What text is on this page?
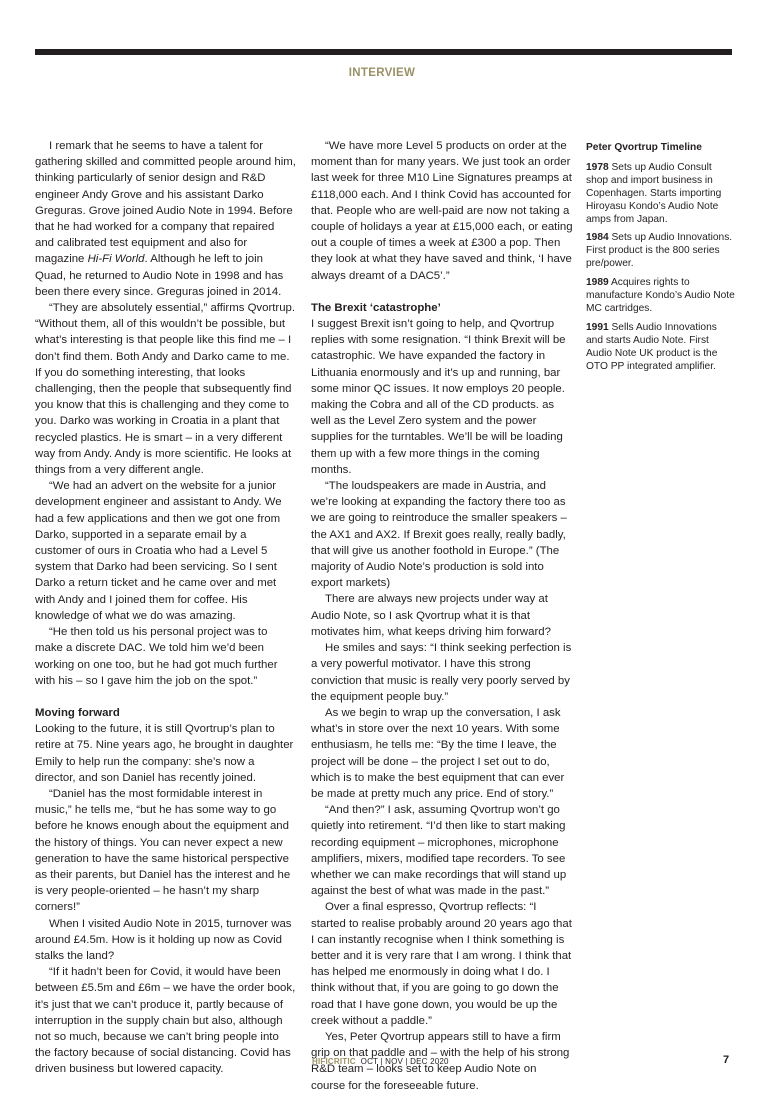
INTERVIEW

I remark that he seems to have a talent for gathering skilled and committed people around him, thinking particularly of senior design and R&D engineer Andy Grove and his assistant Darko Greguras. Grove joined Audio Note in 1994. Before that he had worked for a company that repaired and calibrated test equipment and also for magazine Hi-Fi World. Although he left to join Quad, he returned to Audio Note in 1998 and has been there every since. Greguras joined in 2014.

“They are absolutely essential,” affirms Qvortrup. “Without them, all of this wouldn’t be possible, but what’s interesting is that people like this find me – I don’t find them. Both Andy and Darko came to me. If you do something interesting, that looks challenging, then the people that subsequently find you know that this is challenging and they come to you. Darko was working in Croatia in a plant that recycled plastics. He is smart – in a very different way from Andy. Andy is more scientific. He looks at things from a very different angle.

“We had an advert on the website for a junior development engineer and assistant to Andy. We had a few applications and then we got one from Darko, supported in a separate email by a customer of ours in Croatia who had a Level 5 system that Darko had been servicing. So I sent Darko a return ticket and he came over and met with Andy and I joined them for coffee. His knowledge of what we do was amazing.

“He then told us his personal project was to make a discrete DAC. We told him we’d been working on one too, but he had got much further with his – so I gave him the job on the spot.”

Moving forward

Looking to the future, it is still Qvortrup’s plan to retire at 75. Nine years ago, he brought in daughter Emily to help run the company: she’s now a director, and son Daniel has recently joined.

“Daniel has the most formidable interest in music,” he tells me, “but he has some way to go before he knows enough about the equipment and the history of things. You can never expect a new generation to have the same historical perspective as their parents, but Daniel has the interest and he is very people-oriented – he hasn’t my sharp corners!”

When I visited Audio Note in 2015, turnover was around £4.5m. How is it holding up now as Covid stalks the land?

“If it hadn’t been for Covid, it would have been between £5.5m and £6m – we have the order book, it’s just that we can’t produce it, partly because of interruption in the supply chain but also, although not so much, because we can’t bring people into the factory because of social distancing. Covid has driven business but lowered capacity.

“We have more Level 5 products on order at the moment than for many years. We just took an order last week for three M10 Line Signatures preamps at £118,000 each. And I think Covid has accounted for that. People who are well-paid are now not taking a couple of holidays a year at £15,000 each, or eating out a couple of times a week at £300 a pop. Then they look at what they have saved and think, ‘I have always dreamt of a DAC5’.”

The Brexit ‘catastrophe’

I suggest Brexit isn’t going to help, and Qvortrup replies with some resignation. “I think Brexit will be catastrophic. We have expanded the factory in Lithuania enormously and it’s up and running, bar some minor QC issues. It now employs 20 people. making the Cobra and all of the CD products. as well as the Level Zero system and the power supplies for the turntables. We’ll be will be loading them up with a few more things in the coming months.

“The loudspeakers are made in Austria, and we’re looking at expanding the factory there too as we are going to reintroduce the smaller speakers – the AX1 and AX2. If Brexit goes really, really badly, that will give us another foothold in Europe.” (The majority of Audio Note’s production is sold into export markets)

There are always new projects under way at Audio Note, so I ask Qvortrup what it is that motivates him, what keeps driving him forward?

He smiles and says: “I think seeking perfection is a very powerful motivator. I have this strong conviction that music is really very poorly served by the equipment people buy.”

As we begin to wrap up the conversation, I ask what’s in store over the next 10 years. With some enthusiasm, he tells me: “By the time I leave, the project will be done – the project I set out to do, which is to make the best equipment that can ever be made at pretty much any price. End of story.”

“And then?” I ask, assuming Qvortrup won’t go quietly into retirement. “I’d then like to start making recording equipment – microphones, microphone amplifiers, mixers, modified tape recorders. To see whether we can make recordings that will stand up against the best of what was made in the past.”

Over a final espresso, Qvortrup reflects: “I started to realise probably around 20 years ago that I can instantly recognise when I think something is better and it is very rare that I am wrong. I think that has helped me enormously in doing what I do. I think without that, if you are going to go down the road that I have gone down, you would be up the creek without a paddle.”

Yes, Peter Qvortrup appears still to have a firm grip on that paddle and – with the help of his strong R&D team – looks set to keep Audio Note on course for the foreseeable future.

Peter Qvortrup Timeline
1978 Sets up Audio Consult shop and import business in Copenhagen. Starts importing Hiroyasu Kondo’s Audio Note amps from Japan.
1984 Sets up Audio Innovations. First product is the 800 series pre/power.
1989 Acquires rights to manufacture Kondo’s Audio Note MC cartridges.
1991 Sells Audio Innovations and starts Audio Note. First Audio Note UK product is the OTO PP integrated amplifier.
HIFICRITIC OCT | NOV | DEC 2020	7
